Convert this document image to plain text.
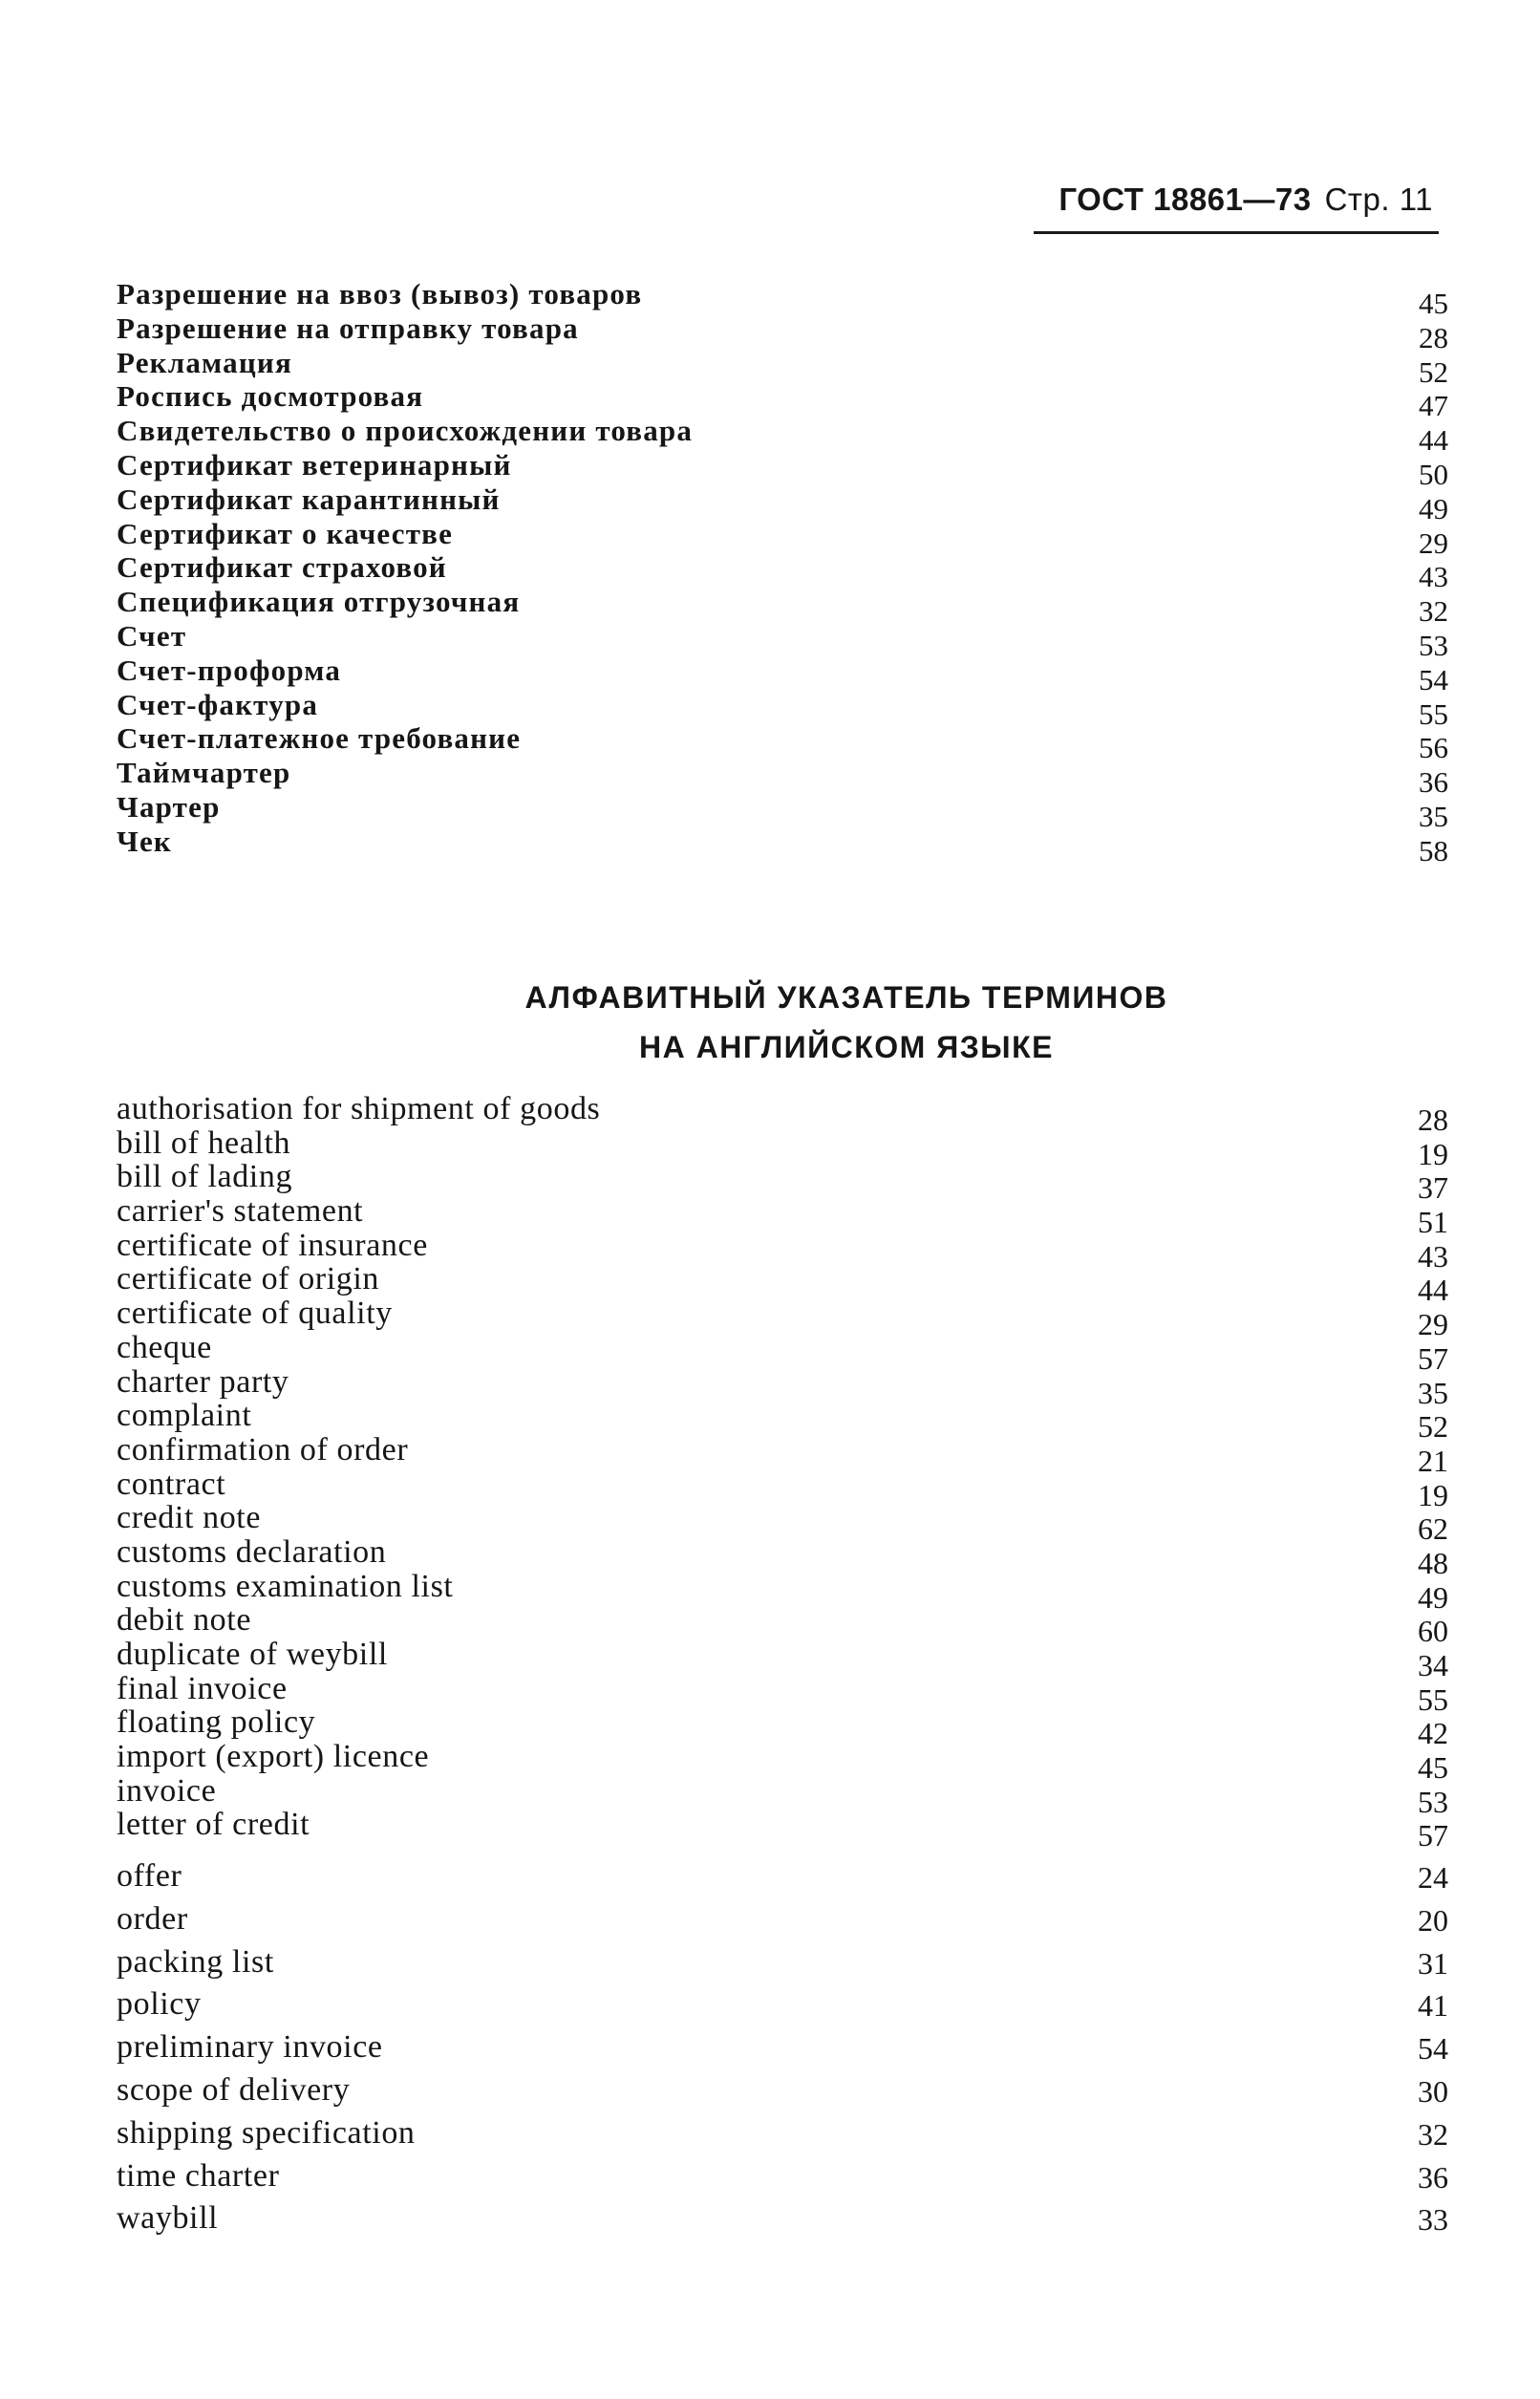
ГОСТ 18861—73 Стр. 11
Разрешение на ввоз (вывоз) товаров	45
Разрешение на отправку товара	28
Рекламация	52
Роспись досмотровая	47
Свидетельство о происхождении товара	44
Сертификат ветеринарный	50
Сертификат карантинный	49
Сертификат о качестве	29
Сертификат страховой	43
Спецификация отгрузочная	32
Счет	53
Счет-проформа	54
Счет-фактура	55
Счет-платежное требование	56
Таймчартер	36
Чартер	35
Чек	58
АЛФАВИТНЫЙ УКАЗАТЕЛЬ ТЕРМИНОВ
НА АНГЛИЙСКОМ ЯЗЫКЕ
authorisation for shipment of goods	28
bill of health	19
bill of lading	37
carrier's statement	51
certificate of insurance	43
certificate of origin	44
certificate of quality	29
cheque	57
charter party	35
complaint	52
confirmation of order	21
contract	19
credit note	62
customs declaration	48
customs examination list	49
debit note	60
duplicate of weybill	34
final invoice	55
floating policy	42
import (export) licence	45
invoice	53
letter of credit	57
offer	24
order	20
packing list	31
policy	41
preliminary invoice	54
scope of delivery	30
shipping specification	32
time charter	36
waybill	33
